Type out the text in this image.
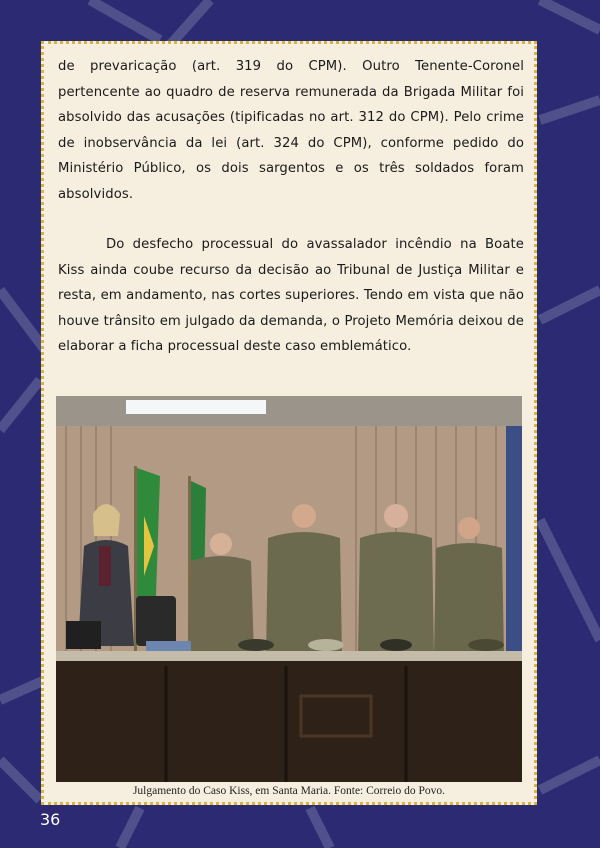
de prevaricação (art. 319 do CPM). Outro Tenente-Coronel pertencente ao quadro de reserva remunerada da Brigada Militar foi absolvido das acusações (tipificadas no art. 312 do CPM). Pelo crime de inobservância da lei (art. 324 do CPM), conforme pedido do Ministério Público, os dois sargentos e os três soldados foram absolvidos.

Do desfecho processual do avassalador incêndio na Boate Kiss ainda coube recurso da decisão ao Tribunal de Justiça Militar e resta, em andamento, nas cortes superiores. Tendo em vista que não houve trânsito em julgado da demanda, o Projeto Memória deixou de elaborar a ficha processual deste caso emblemático.

Julgamento do Caso Kiss, em Santa Maria. Fonte: Correio do Povo.
36
